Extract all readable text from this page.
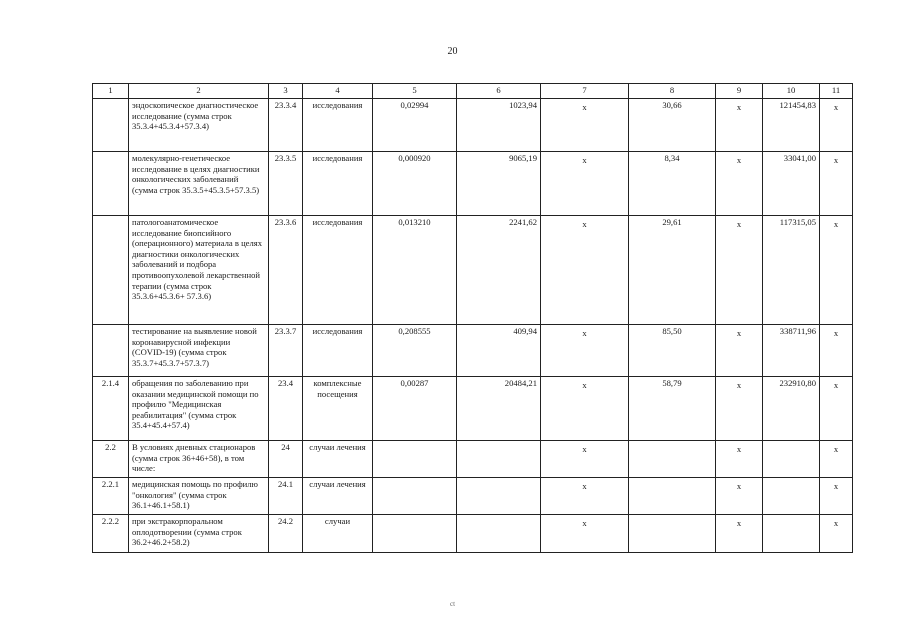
20
1	2	3	4	5	6	7	8	9	10	11
	эндоскопическое диагностическое исследование (сумма строк 35.3.4+45.3.4+57.3.4)	23.3.4	исследования	0,02994	1023,94	x	30,66	x	121454,83	x
	молекулярно-генетическое исследование в целях диагностики онкологических заболеваний (сумма строк 35.3.5+45.3.5+57.3.5)	23.3.5	исследования	0,000920	9065,19	x	8,34	x	33041,00	x
	патологоанатомическое исследование биопсийного (операционного) материала в целях диагностики онкологических заболеваний и подбора противоопухолевой лекарственной терапии (сумма строк 35.3.6+45.3.6+ 57.3.6)	23.3.6	исследования	0,013210	2241,62	x	29,61	x	117315,05	x
	тестирование на выявление новой коронавирусной инфекции (COVID-19) (сумма строк 35.3.7+45.3.7+57.3.7)	23.3.7	исследования	0,208555	409,94	x	85,50	x	338711,96	x
2.1.4	обращения по заболеванию при оказании медицинской помощи по профилю "Медицинская реабилитация" (сумма строк 35.4+45.4+57.4)	23.4	комплексные посещения	0,00287	20484,21	x	58,79	x	232910,80	x
2.2	В условиях дневных стационаров (сумма строк 36+46+58), в том числе:	24	случаи лечения			x		x		x
2.2.1	медицинская помощь по профилю "онкология" (сумма строк 36.1+46.1+58.1)	24.1	случаи лечения			x		x		x
2.2.2	при экстракорпоральном оплодотворении (сумма строк 36.2+46.2+58.2)	24.2	случаи			x		x		x
ct
